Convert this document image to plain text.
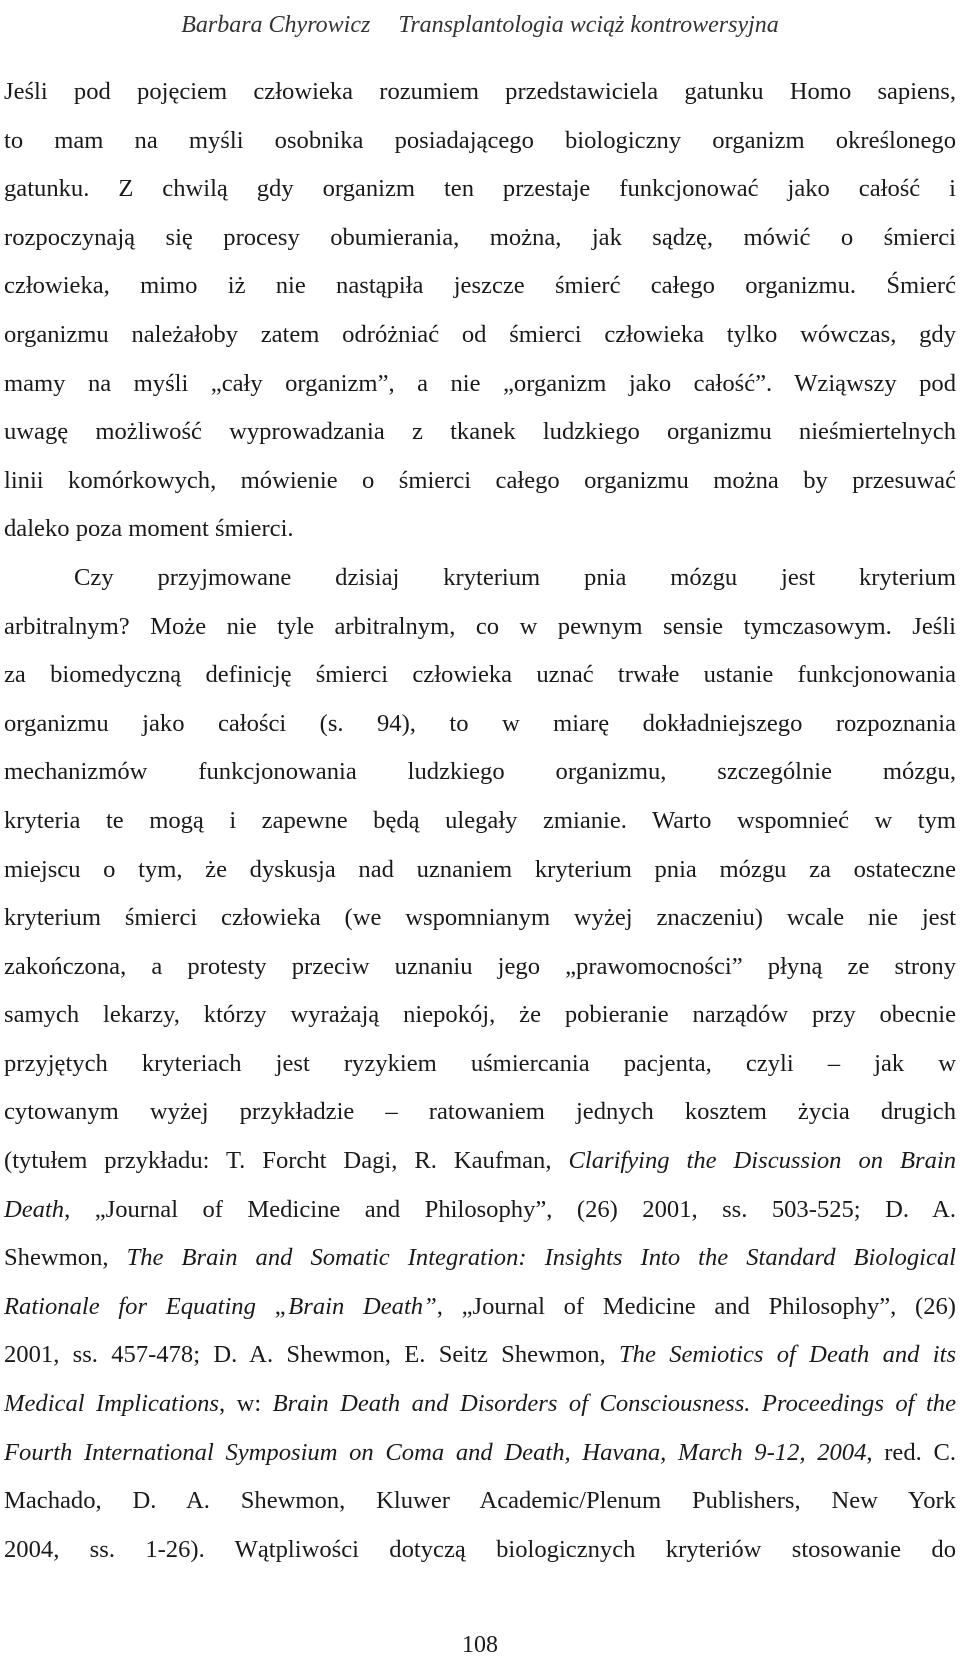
Barbara Chyrowicz Transplantologia wciąż kontrowersyjna
Jeśli pod pojęciem człowieka rozumiem przedstawiciela gatunku Homo sapiens,
to mam na myśli osobnika posiadającego biologiczny organizm określonego
gatunku. Z chwilą gdy organizm ten przestaje funkcjonować jako całość i
rozpoczynają się procesy obumierania, można, jak sądzę, mówić o śmierci
człowieka, mimo iż nie nastąpiła jeszcze śmierć całego organizmu. Śmierć
organizmu należałoby zatem odróżniać od śmierci człowieka tylko wówczas, gdy
mamy na myśli „cały organizm”, a nie „organizm jako całość”. Wziąwszy pod
uwagę możliwość wyprowadzania z tkanek ludzkiego organizmu nieśmiertelnych
linii komórkowych, mówienie o śmierci całego organizmu można by przesuwać
daleko poza moment śmierci.
Czy przyjmowane dzisiaj kryterium pnia mózgu jest kryterium
arbitralnym? Może nie tyle arbitralnym, co w pewnym sensie tymczasowym. Jeśli
za biomedyczną definicję śmierci człowieka uznać trwałe ustanie funkcjonowania
organizmu jako całości (s. 94), to w miarę dokładniejszego rozpoznania
mechanizmów funkcjonowania ludzkiego organizmu, szczególnie mózgu,
kryteria te mogą i zapewne będą ulegały zmianie. Warto wspomnieć w tym
miejscu o tym, że dyskusja nad uznaniem kryterium pnia mózgu za ostateczne
kryterium śmierci człowieka (we wspomnianym wyżej znaczeniu) wcale nie jest
zakończona, a protesty przeciw uznaniu jego „prawomocności” płyną ze strony
samych lekarzy, którzy wyrażają niepokój, że pobieranie narządów przy obecnie
przyjętych kryteriach jest ryzykiem uśmiercania pacjenta, czyli – jak w
cytowanym wyżej przykładzie – ratowaniem jednych kosztem życia drugich
(tytułem przykładu: T. Forcht Dagi, R. Kaufman, Clarifying the Discussion on Brain
Death, „Journal of Medicine and Philosophy”, (26) 2001, ss. 503-525; D. A.
Shewmon, The Brain and Somatic Integration: Insights Into the Standard Biological
Rationale for Equating „Brain Death”, „Journal of Medicine and Philosophy”, (26)
2001, ss. 457-478; D. A. Shewmon, E. Seitz Shewmon, The Semiotics of Death and its
Medical Implications, w: Brain Death and Disorders of Consciousness. Proceedings of the
Fourth International Symposium on Coma and Death, Havana, March 9-12, 2004, red. C.
Machado, D. A. Shewmon, Kluwer Academic/Plenum Publishers, New York
2004, ss. 1-26). Wątpliwości dotyczą biologicznych kryteriów stosowanie do
108
